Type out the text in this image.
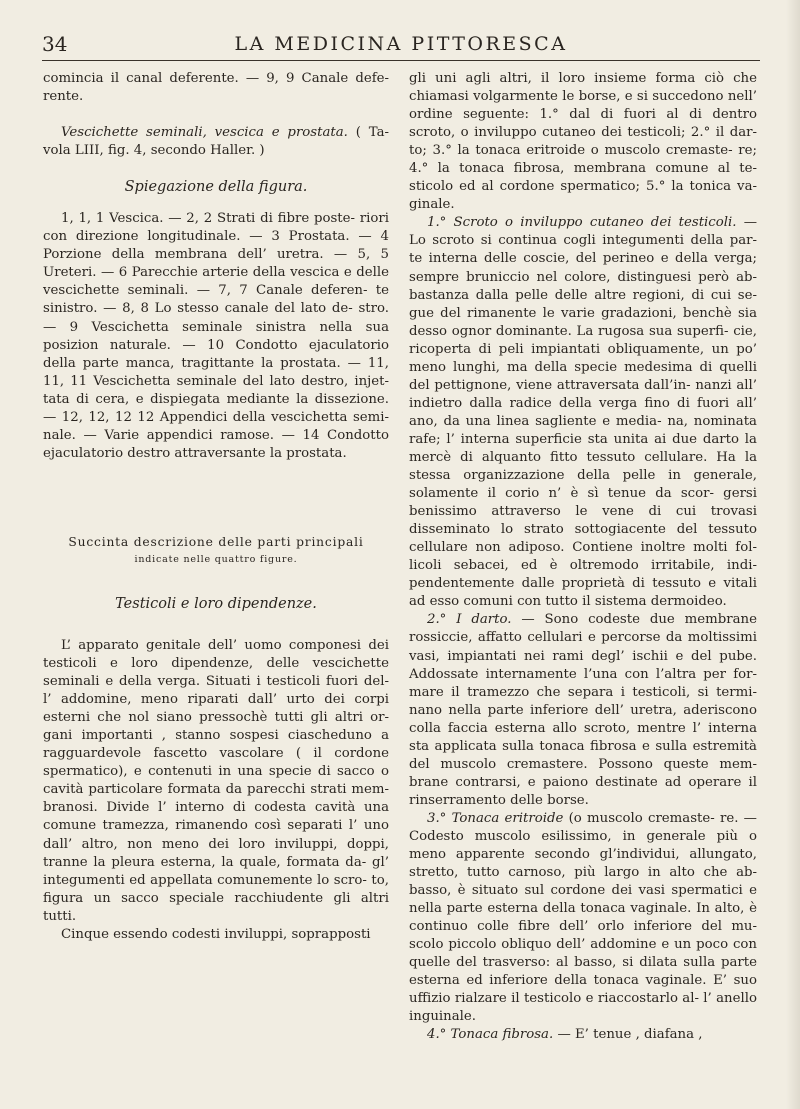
34	LA MEDICINA PITTORESCA

comincia il canal deferente. — 9, 9 Canale defe- rente.

Vescichette seminali, vescica e prostata. ( Ta- vola LIII, fig. 4, secondo Haller. )

Spiegazione della figura.

1, 1, 1 Vescica. — 2, 2 Strati di fibre poste- riori con direzione longitudinale. — 3 Prostata. — 4 Porzione della membrana dell’ uretra. — 5, 5 Ureteri. — 6 Parecchie arterie della vescica e delle vescichette seminali. — 7, 7 Canale deferen- te sinistro. — 8, 8 Lo stesso canale del lato de- stro. — 9 Vescichetta seminale sinistra nella sua posizion naturale. — 10 Condotto ejaculatorio della parte manca, tragittante la prostata. — 11, 11, 11 Vescichetta seminale del lato destro, injet- tata di cera, e dispiegata mediante la dissezione. — 12, 12, 12 12 Appendici della vescichetta semi- nale. — Varie appendici ramose. — 14 Condotto ejaculatorio destro attraversante la prostata.

Succinta descrizione delle parti principali

indicate nelle quattro figure.

Testicoli e loro dipendenze.

L’ apparato genitale dell’ uomo componesi dei testicoli e loro dipendenze, delle vescichette seminali e della verga. Situati i testicoli fuori del- l’ addomine, meno riparati dall’ urto dei corpi esterni che nol siano pressochè tutti gli altri or- gani importanti , stanno sospesi ciascheduno a ragguardevole fascetto vascolare ( il cordone spermatico), e contenuti in una specie di sacco o cavità particolare formata da parecchi strati mem- branosi. Divide l’ interno di codesta cavità una comune tramezza, rimanendo così separati l’ uno dall’ altro, non meno dei loro inviluppi, doppi, tranne la pleura esterna, la quale, formata da- gl’ integumenti ed appellata comunemente lo scro- to, figura un sacco speciale racchiudente gli altri tutti.

Cinque essendo codesti inviluppi, soprapposti

gli uni agli altri, il loro insieme forma ciò che chiamasi volgarmente le borse, e si succedono nell’ ordine seguente: 1.° dal di fuori al di dentro scroto, o inviluppo cutaneo dei testicoli; 2.° il dar- to; 3.° la tonaca eritroide o muscolo cremaste- re; 4.° la tonaca fibrosa, membrana comune al te- sticolo ed al cordone spermatico; 5.° la tonica va- ginale.

1.° Scroto o inviluppo cutaneo dei testicoli. — Lo scroto si continua cogli integumenti della par- te interna delle coscie, del perineo e della verga; sempre bruniccio nel colore, distinguesi però ab- bastanza dalla pelle delle altre regioni, di cui se- gue del rimanente le varie gradazioni, benchè sia desso ognor dominante. La rugosa sua superfi- cie, ricoperta di peli impiantati obliquamente, un po’ meno lunghi, ma della specie medesima di quelli del pettignone, viene attraversata dall’in- nanzi all’ indietro dalla radice della verga fino di fuori all’ ano, da una linea sagliente e media- na, nominata rafe; l’ interna superficie sta unita ai due darto la mercè di alquanto fitto tessuto cellulare. Ha la stessa organizzazione della pelle in generale, solamente il corio n’ è sì tenue da scor- gersi benissimo attraverso le vene di cui trovasi disseminato lo strato sottogiacente del tessuto cellulare non adiposo. Contiene inoltre molti fol- licoli sebacei, ed è oltremodo irritabile, indi- pendentemente dalle proprietà di tessuto e vitali ad esso comuni con tutto il sistema dermoideo.

2.° I darto. — Sono codeste due membrane rossiccie, affatto cellulari e percorse da moltissimi vasi, impiantati nei rami degl’ ischii e del pube. Addossate internamente l’una con l’altra per for- mare il tramezzo che separa i testicoli, si termi- nano nella parte inferiore dell’ uretra, aderiscono colla faccia esterna allo scroto, mentre l’ interna sta applicata sulla tonaca fibrosa e sulla estremità del muscolo cremastere. Possono queste mem- brane contrarsi, e paiono destinate ad operare il rinserramento delle borse.

3.° Tonaca eritroide (o muscolo cremaste- re. — Codesto muscolo esilissimo, in generale più o meno apparente secondo gl’individui, allungato, stretto, tutto carnoso, più largo in alto che ab- basso, è situato sul cordone dei vasi spermatici e nella parte esterna della tonaca vaginale. In alto, è continuo colle fibre dell’ orlo inferiore del mu- scolo piccolo obliquo dell’ addomine e un poco con quelle del trasverso: al basso, si dilata sulla parte esterna ed inferiore della tonaca vaginale. E’ suo uffizio rialzare il testicolo e riaccostarlo al- l’ anello inguinale.

4.° Tonaca fibrosa. — E’ tenue , diafana ,
